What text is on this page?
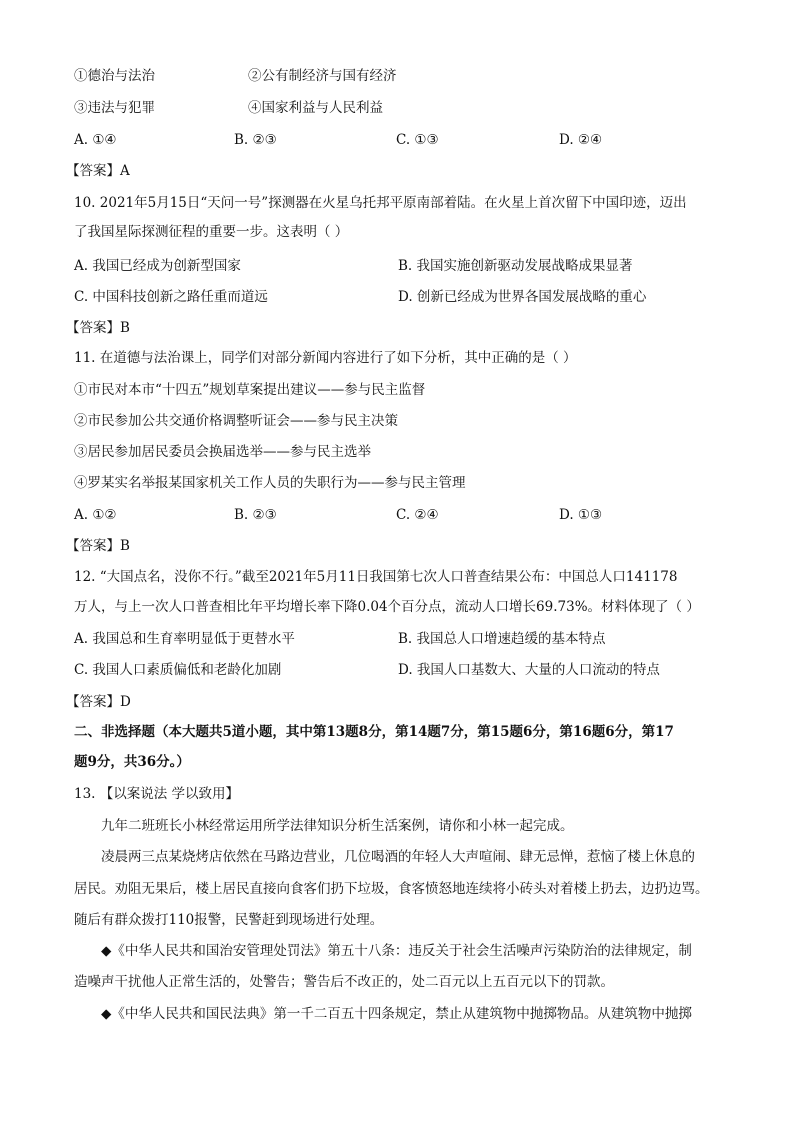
①德治与法治	②公有制经济与国有经济
③违法与犯罪	④国家利益与人民利益
A. ①④	B. ②③	C. ①③	D. ②④
【答案】A
10. 2021年5月15日“天问一号”探测器在火星乌托邦平原南部着陆。在火星上首次留下中国印迹，迈出
了我国星际探测征程的重要一步。这表明（ ）
A. 我国已经成为创新型国家	B. 我国实施创新驱动发展战略成果显著
C. 中国科技创新之路任重而道远	D. 创新已经成为世界各国发展战略的重心
【答案】B
11. 在道德与法治课上，同学们对部分新闻内容进行了如下分析，其中正确的是（ ）
①市民对本市“十四五”规划草案提出建议——参与民主监督
②市民参加公共交通价格调整听证会——参与民主决策
③居民参加居民委员会换届选举——参与民主选举
④罗某实名举报某国家机关工作人员的失职行为——参与民主管理
A. ①②	B. ②③	C. ②④	D. ①③
【答案】B
12. “大国点名，没你不行。”截至2021年5月11日我国第七次人口普查结果公布：中国总人口141178
万人，与上一次人口普查相比年平均增长率下降0.04个百分点，流动人口增长69.73%。材料体现了（ ）
A. 我国总和生育率明显低于更替水平	B. 我国总人口增速趋缓的基本特点
C. 我国人口素质偏低和老龄化加剧	D. 我国人口基数大、大量的人口流动的特点
【答案】D
二、非选择题（本大题共5道小题，其中第13题8分，第14题7分，第15题6分，第16题6分，第17
题9分，共36分。）
13. 【以案说法 学以致用】
九年二班班长小林经常运用所学法律知识分析生活案例，请你和小林一起完成。
凌晨两三点某烧烤店依然在马路边营业，几位喝酒的年轻人大声喧闹、肆无忌惮，惹恼了楼上休息的
居民。劝阻无果后，楼上居民直接向食客们扔下垃圾，食客愤怒地连续将小砖头对着楼上扔去，边扔边骂。
随后有群众拨打110报警，民警赶到现场进行处理。
◆《中华人民共和国治安管理处罚法》第五十八条：违反关于社会生活噪声污染防治的法律规定，制
造噪声干扰他人正常生活的，处警告；警告后不改正的，处二百元以上五百元以下的罚款。
◆《中华人民共和国民法典》第一千二百五十四条规定，禁止从建筑物中抛掷物品。从建筑物中抛掷
